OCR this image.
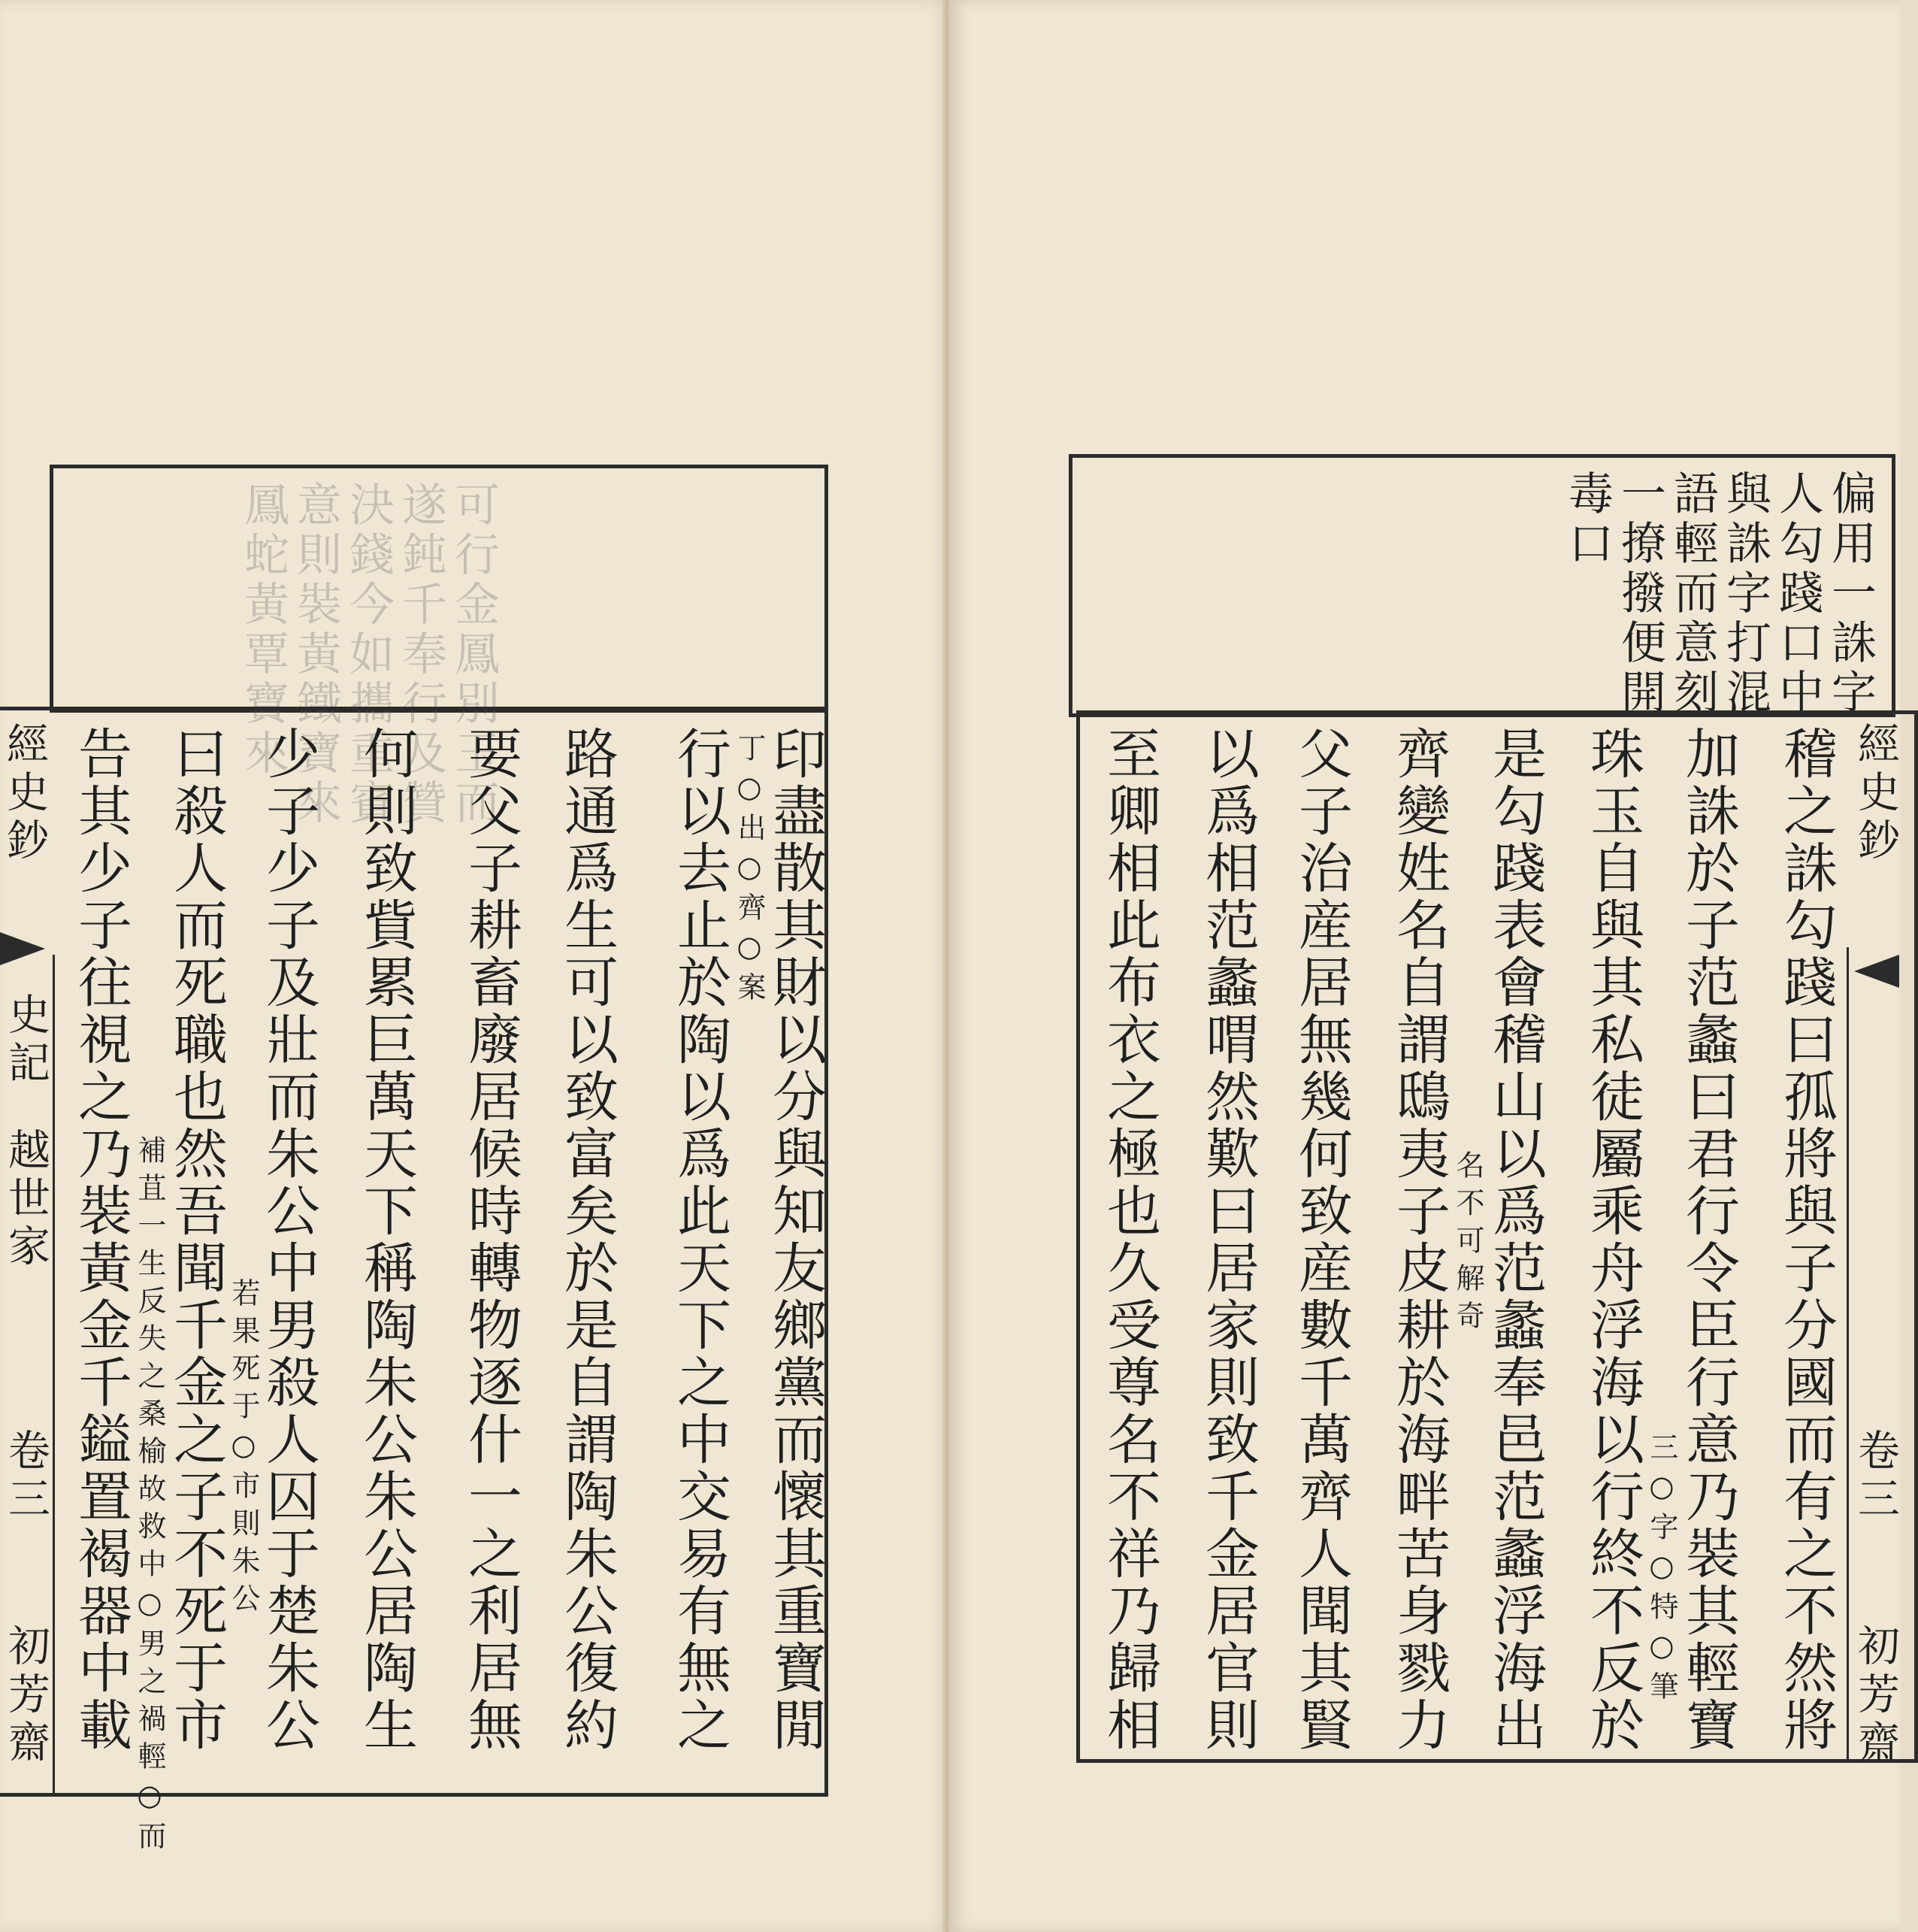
可行金鳳別玉而
遂鈍千奉行及贊
決錢今如攜重賓
意則裝黃鐵寶來
鳳蛇黃覃寶來
經史鈔
史記
越世家
卷三
初芳齋	印盡散其財以分與知友鄉黨而懷其重寶閒
行以去止於陶以爲此天下之中交易有無之 丁○出○齊○案
路通爲生可以致富矣於是自謂陶朱公復約
要父子耕畜廢居候時轉物逐什一之利居無
何則致貲累巨萬天下稱陶朱公朱公居陶生
少子少子及壯而朱公中男殺人囚于楚朱公
曰殺人而死職也然吾聞千金之子不死于市 若果死于○市則朱公
告其少子往視之乃裝黃金千鎰置褐器中載 補苴一生反失之桑榆故救中○男之禍輕○而
偏用一誅字
人勾踐口中
與誅字打混
語輕而意刻
一撩撥便開
毒口
經史鈔
卷三
初芳齋
稽之誅勾踐曰孤將與子分國而有之不然將
加誅於子范蠡曰君行令臣行意乃裝其輕寶
珠玉自與其私徒屬乘舟浮海以行終不反於 三○字○特○筆
是勾踐表會稽山以爲范蠡奉邑范蠡浮海出
齊變姓名自謂鴟夷子皮耕於海畔苦身戮力 名不可解奇
父子治産居無幾何致産數千萬齊人聞其賢
以爲相范蠡喟然歎曰居家則致千金居官則
至卿相此布衣之極也久受尊名不祥乃歸相
